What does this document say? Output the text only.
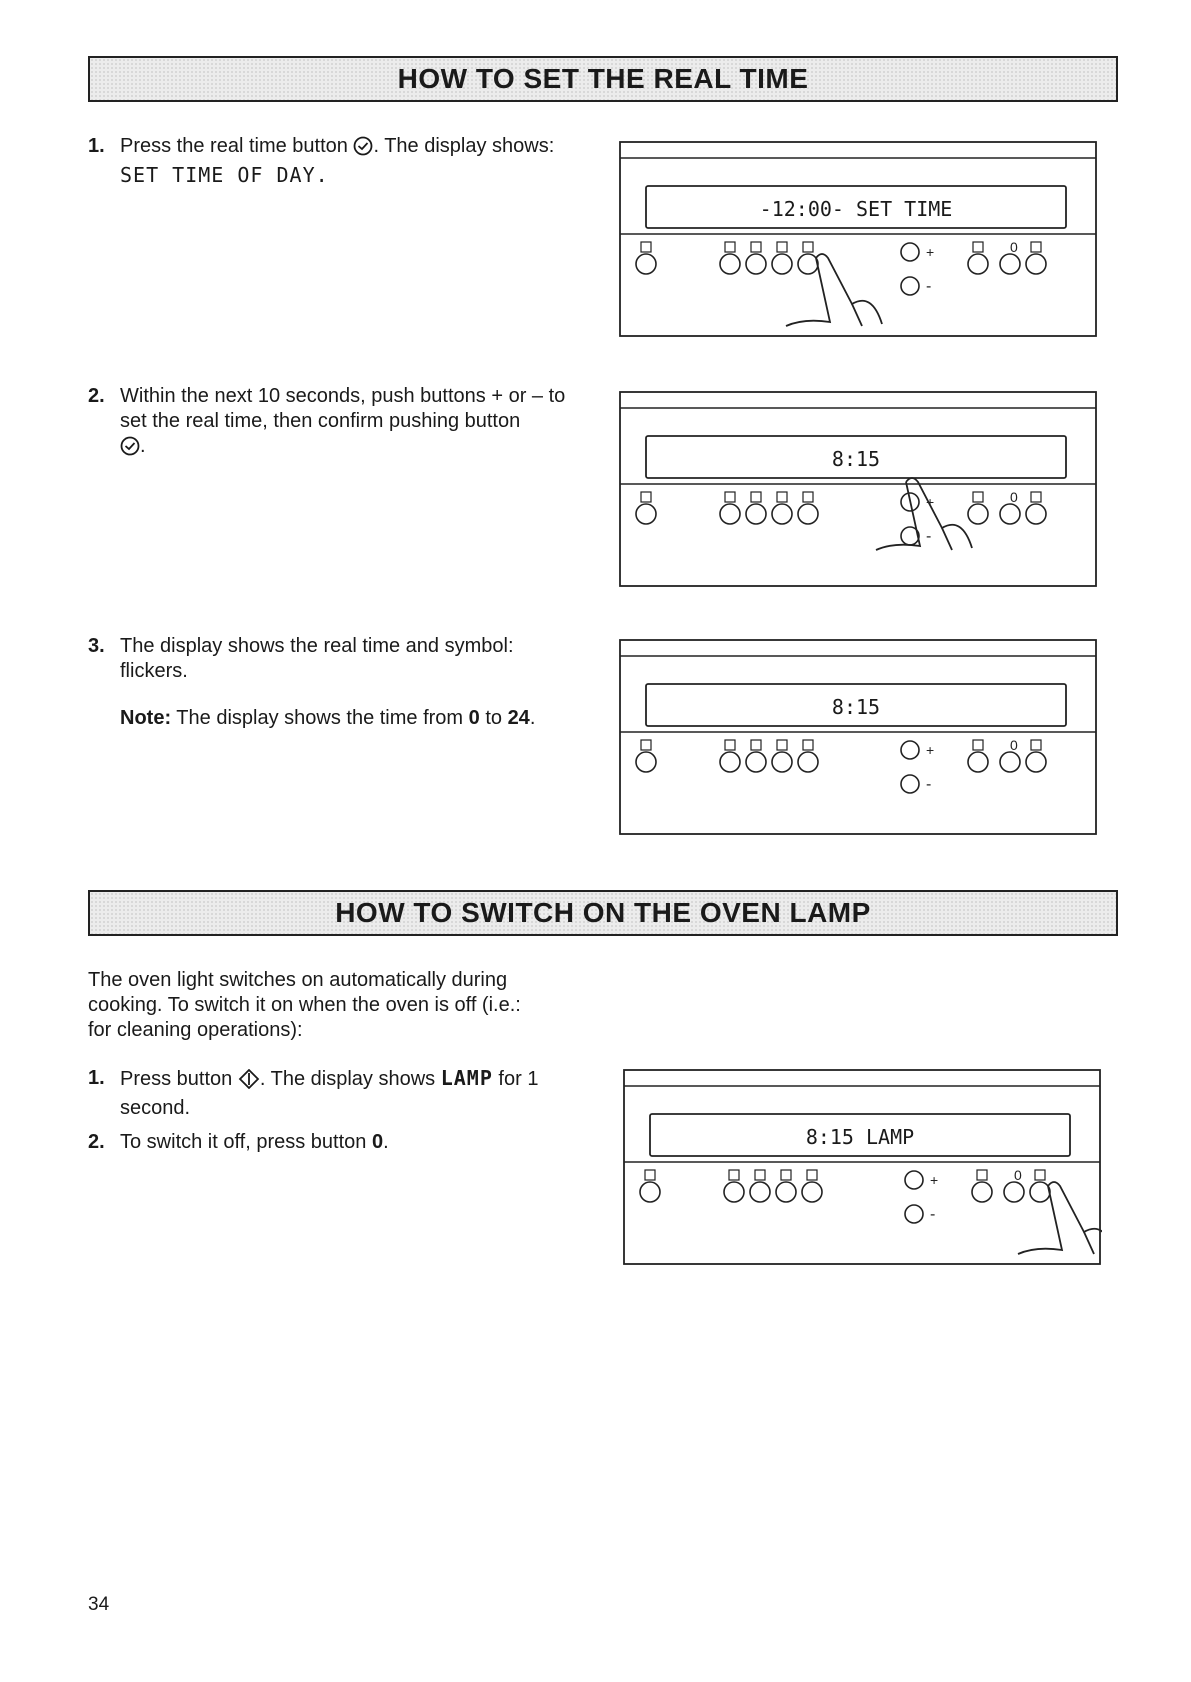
HOW TO SET THE REAL TIME
1. Press the real time button . The display shows:
SET TIME OF DAY.
2. Within the next 10 seconds, push buttons + or – to set the real time, then confirm pushing button
.
3. The display shows the real time and symbol: flickers.
Note: The display shows the time from 0 to 24.
HOW TO SWITCH ON THE OVEN LAMP
The oven light switches on automatically during cooking. To switch it on when the oven is off (i.e.: for cleaning operations):
1. Press button . The display shows LAMP for 1 second.
2. To switch it off, press button 0.
-12:00- SET TIME
0
+
-
8:15
0
+
-
8:15
0
+
-
8:15 LAMP
0
+
-
34
